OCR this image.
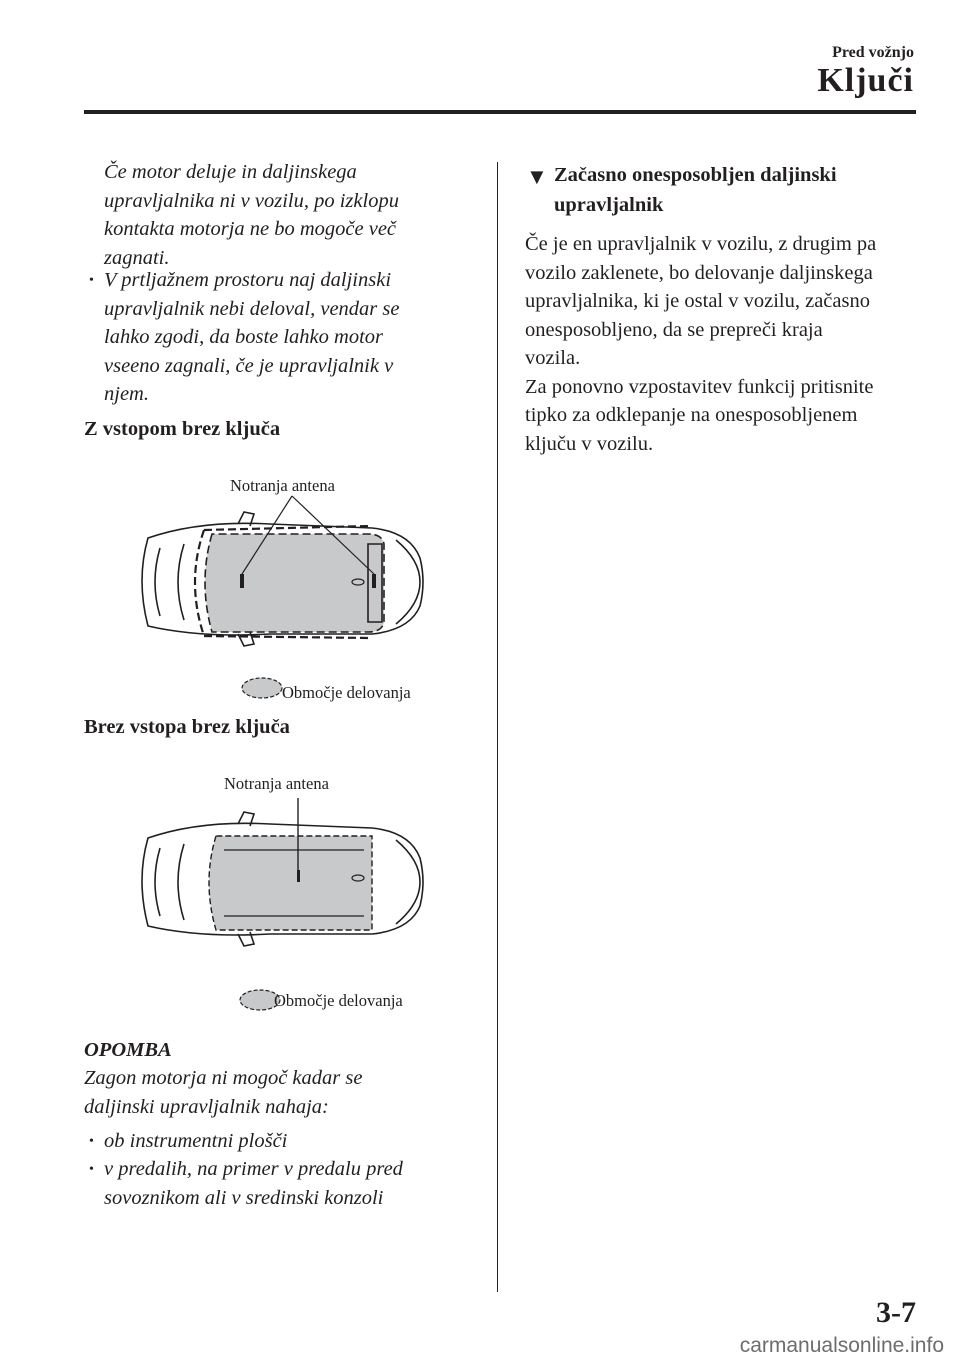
Pred vožnjo
Ključi
Če motor deluje in daljinskega
upravljalnika ni v vozilu, po izklopu
kontakta motorja ne bo mogoče več
zagnati.
• V prtljažnem prostoru naj daljinski
upravljalnik nebi deloval, vendar se
lahko zgodi, da boste lahko motor
vseeno zagnali, če je upravljalnik v
njem.
Z vstopom brez ključa
Notranja antena
Območje delovanja
Brez vstopa brez ključa
Notranja antena
Območje delovanja
OPOMBA
Zagon motorja ni mogoč kadar se
daljinski upravljalnik nahaja:
• ob instrumentni plošči
• v predalih, na primer v predalu pred
sovoznikom ali v sredinski konzoli
▼ Začasno onesposobljen daljinski
upravljalnik
Če je en upravljalnik v vozilu, z drugim pa
vozilo zaklenete, bo delovanje daljinskega
upravljalnika, ki je ostal v vozilu, začasno
onesposobljeno, da se prepreči kraja
vozila.
Za ponovno vzpostavitev funkcij pritisnite
tipko za odklepanje na onesposobljenem
ključu v vozilu.
3-7
carmanualsonline.info
